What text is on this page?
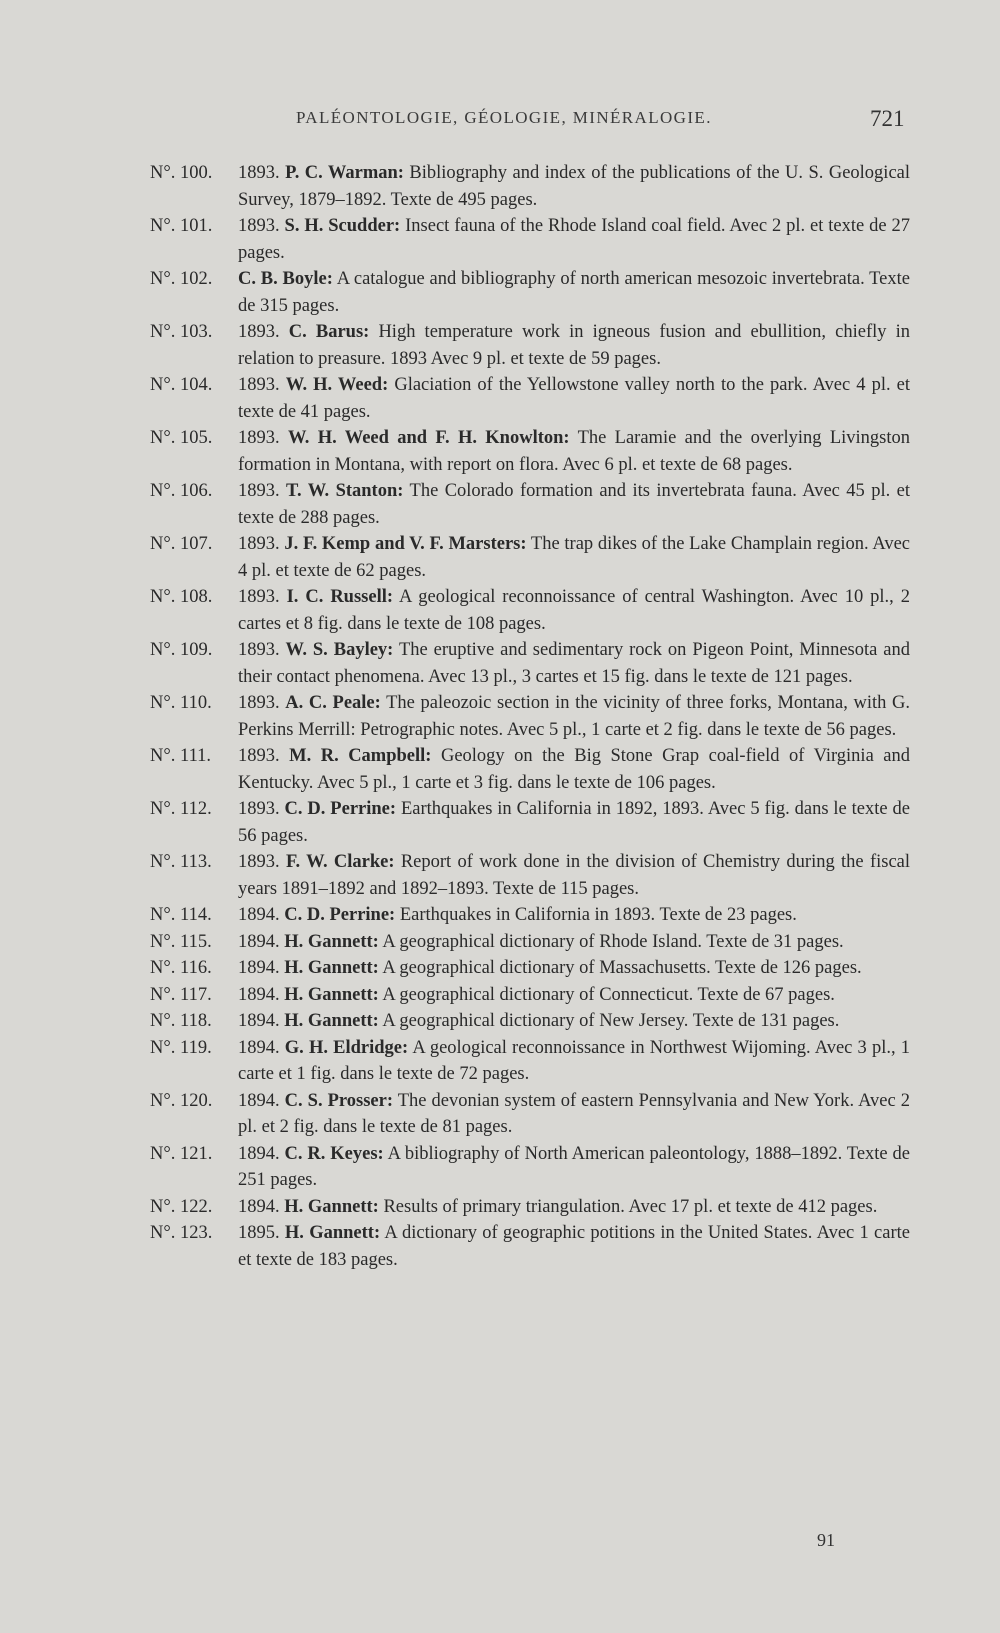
PALÉONTOLOGIE, GÉOLOGIE, MINÉRALOGIE.	721
N°. 100.	1893. P. C. Warman: Bibliography and index of the publications of the U. S. Geological Survey, 1879–1892. Texte de 495 pages.
N°. 101.	1893. S. H. Scudder: Insect fauna of the Rhode Island coal field. Avec 2 pl. et texte de 27 pages.
N°. 102.	C. B. Boyle: A catalogue and bibliography of north american mesozoic invertebrata. Texte de 315 pages.
N°. 103.	1893. C. Barus: High temperature work in igneous fusion and ebullition, chiefly in relation to preasure. 1893 Avec 9 pl. et texte de 59 pages.
N°. 104.	1893. W. H. Weed: Glaciation of the Yellowstone valley north to the park. Avec 4 pl. et texte de 41 pages.
N°. 105.	1893. W. H. Weed and F. H. Knowlton: The Laramie and the overlying Livingston formation in Montana, with report on flora. Avec 6 pl. et texte de 68 pages.
N°. 106.	1893. T. W. Stanton: The Colorado formation and its invertebrata fauna. Avec 45 pl. et texte de 288 pages.
N°. 107.	1893. J. F. Kemp and V. F. Marsters: The trap dikes of the Lake Champlain region. Avec 4 pl. et texte de 62 pages.
N°. 108.	1893. I. C. Russell: A geological reconnoissance of central Washington. Avec 10 pl., 2 cartes et 8 fig. dans le texte de 108 pages.
N°. 109.	1893. W. S. Bayley: The eruptive and sedimentary rock on Pigeon Point, Minnesota and their contact phenomena. Avec 13 pl., 3 cartes et 15 fig. dans le texte de 121 pages.
N°. 110.	1893. A. C. Peale: The paleozoic section in the vicinity of three forks, Montana, with G. Perkins Merrill: Petrographic notes. Avec 5 pl., 1 carte et 2 fig. dans le texte de 56 pages.
N°. 111.	1893. M. R. Campbell: Geology on the Big Stone Grap coal-field of Virginia and Kentucky. Avec 5 pl., 1 carte et 3 fig. dans le texte de 106 pages.
N°. 112.	1893. C. D. Perrine: Earthquakes in California in 1892, 1893. Avec 5 fig. dans le texte de 56 pages.
N°. 113.	1893. F. W. Clarke: Report of work done in the division of Chemistry during the fiscal years 1891–1892 and 1892–1893. Texte de 115 pages.
N°. 114.	1894. C. D. Perrine: Earthquakes in California in 1893. Texte de 23 pages.
N°. 115.	1894. H. Gannett: A geographical dictionary of Rhode Island. Texte de 31 pages.
N°. 116.	1894. H. Gannett: A geographical dictionary of Massachusetts. Texte de 126 pages.
N°. 117.	1894. H. Gannett: A geographical dictionary of Connecticut. Texte de 67 pages.
N°. 118.	1894. H. Gannett: A geographical dictionary of New Jersey. Texte de 131 pages.
N°. 119.	1894. G. H. Eldridge: A geological reconnoissance in Northwest Wijoming. Avec 3 pl., 1 carte et 1 fig. dans le texte de 72 pages.
N°. 120.	1894. C. S. Prosser: The devonian system of eastern Pennsylvania and New York. Avec 2 pl. et 2 fig. dans le texte de 81 pages.
N°. 121.	1894. C. R. Keyes: A bibliography of North American paleontology, 1888–1892. Texte de 251 pages.
N°. 122.	1894. H. Gannett: Results of primary triangulation. Avec 17 pl. et texte de 412 pages.
N°. 123.	1895. H. Gannett: A dictionary of geographic potitions in the United States. Avec 1 carte et texte de 183 pages.
91
